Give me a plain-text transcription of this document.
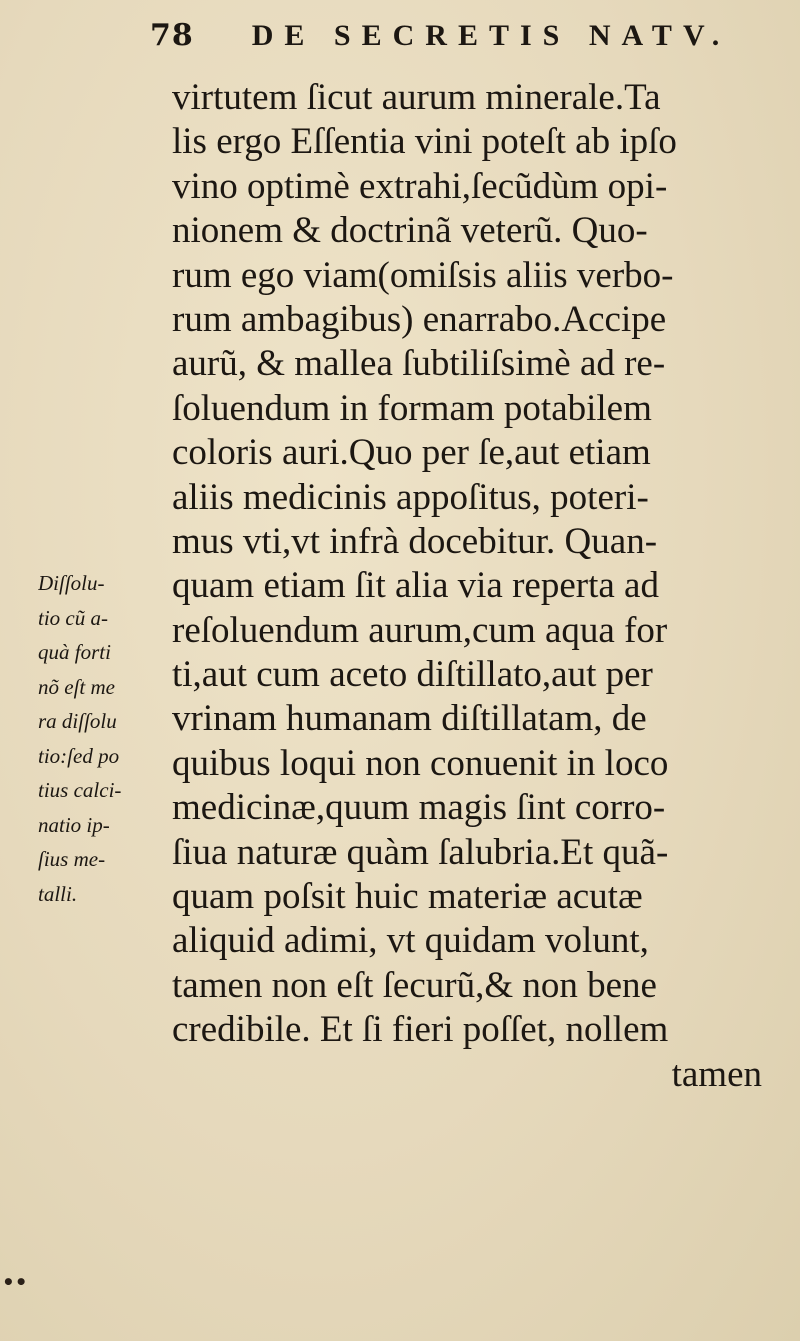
78 DE SECRETIS NATV.
virtutem ſicut aurum minerale.Ta
lis ergo Eſſentia vini poteſt ab ipſo
vino optimè extrahi,ſecũdùm opi-
nionem & doctrinã veterũ. Quo-
rum ego viam(omiſsis aliis verbo-
rum ambagibus) enarrabo.Accipe
aurũ, & mallea ſubtiliſsimè ad re-
ſoluendum in formam potabilem
coloris auri.Quo per ſe,aut etiam
aliis medicinis appoſitus, poteri-
mus vti,vt infrà docebitur. Quan-
quam etiam ſit alia via reperta ad
reſoluendum aurum,cum aqua for
ti,aut cum aceto diſtillato,aut per
vrinam humanam diſtillatam, de
quibus loqui non conuenit in loco
medicinæ,quum magis ſint corro-
ſiua naturæ quàm ſalubria.Et quã-
quam poſsit huic materiæ acutæ
aliquid adimi, vt quidam volunt,
tamen non eſt ſecurũ,& non bene
credibile. Et ſi fieri poſſet, nollem
tamen
Diſſolu-
tio cũ a-
quà forti
nõ eſt me
ra diſſolu
tio:ſed po
tius calci-
natio ip-
ſius me-
talli.
••
